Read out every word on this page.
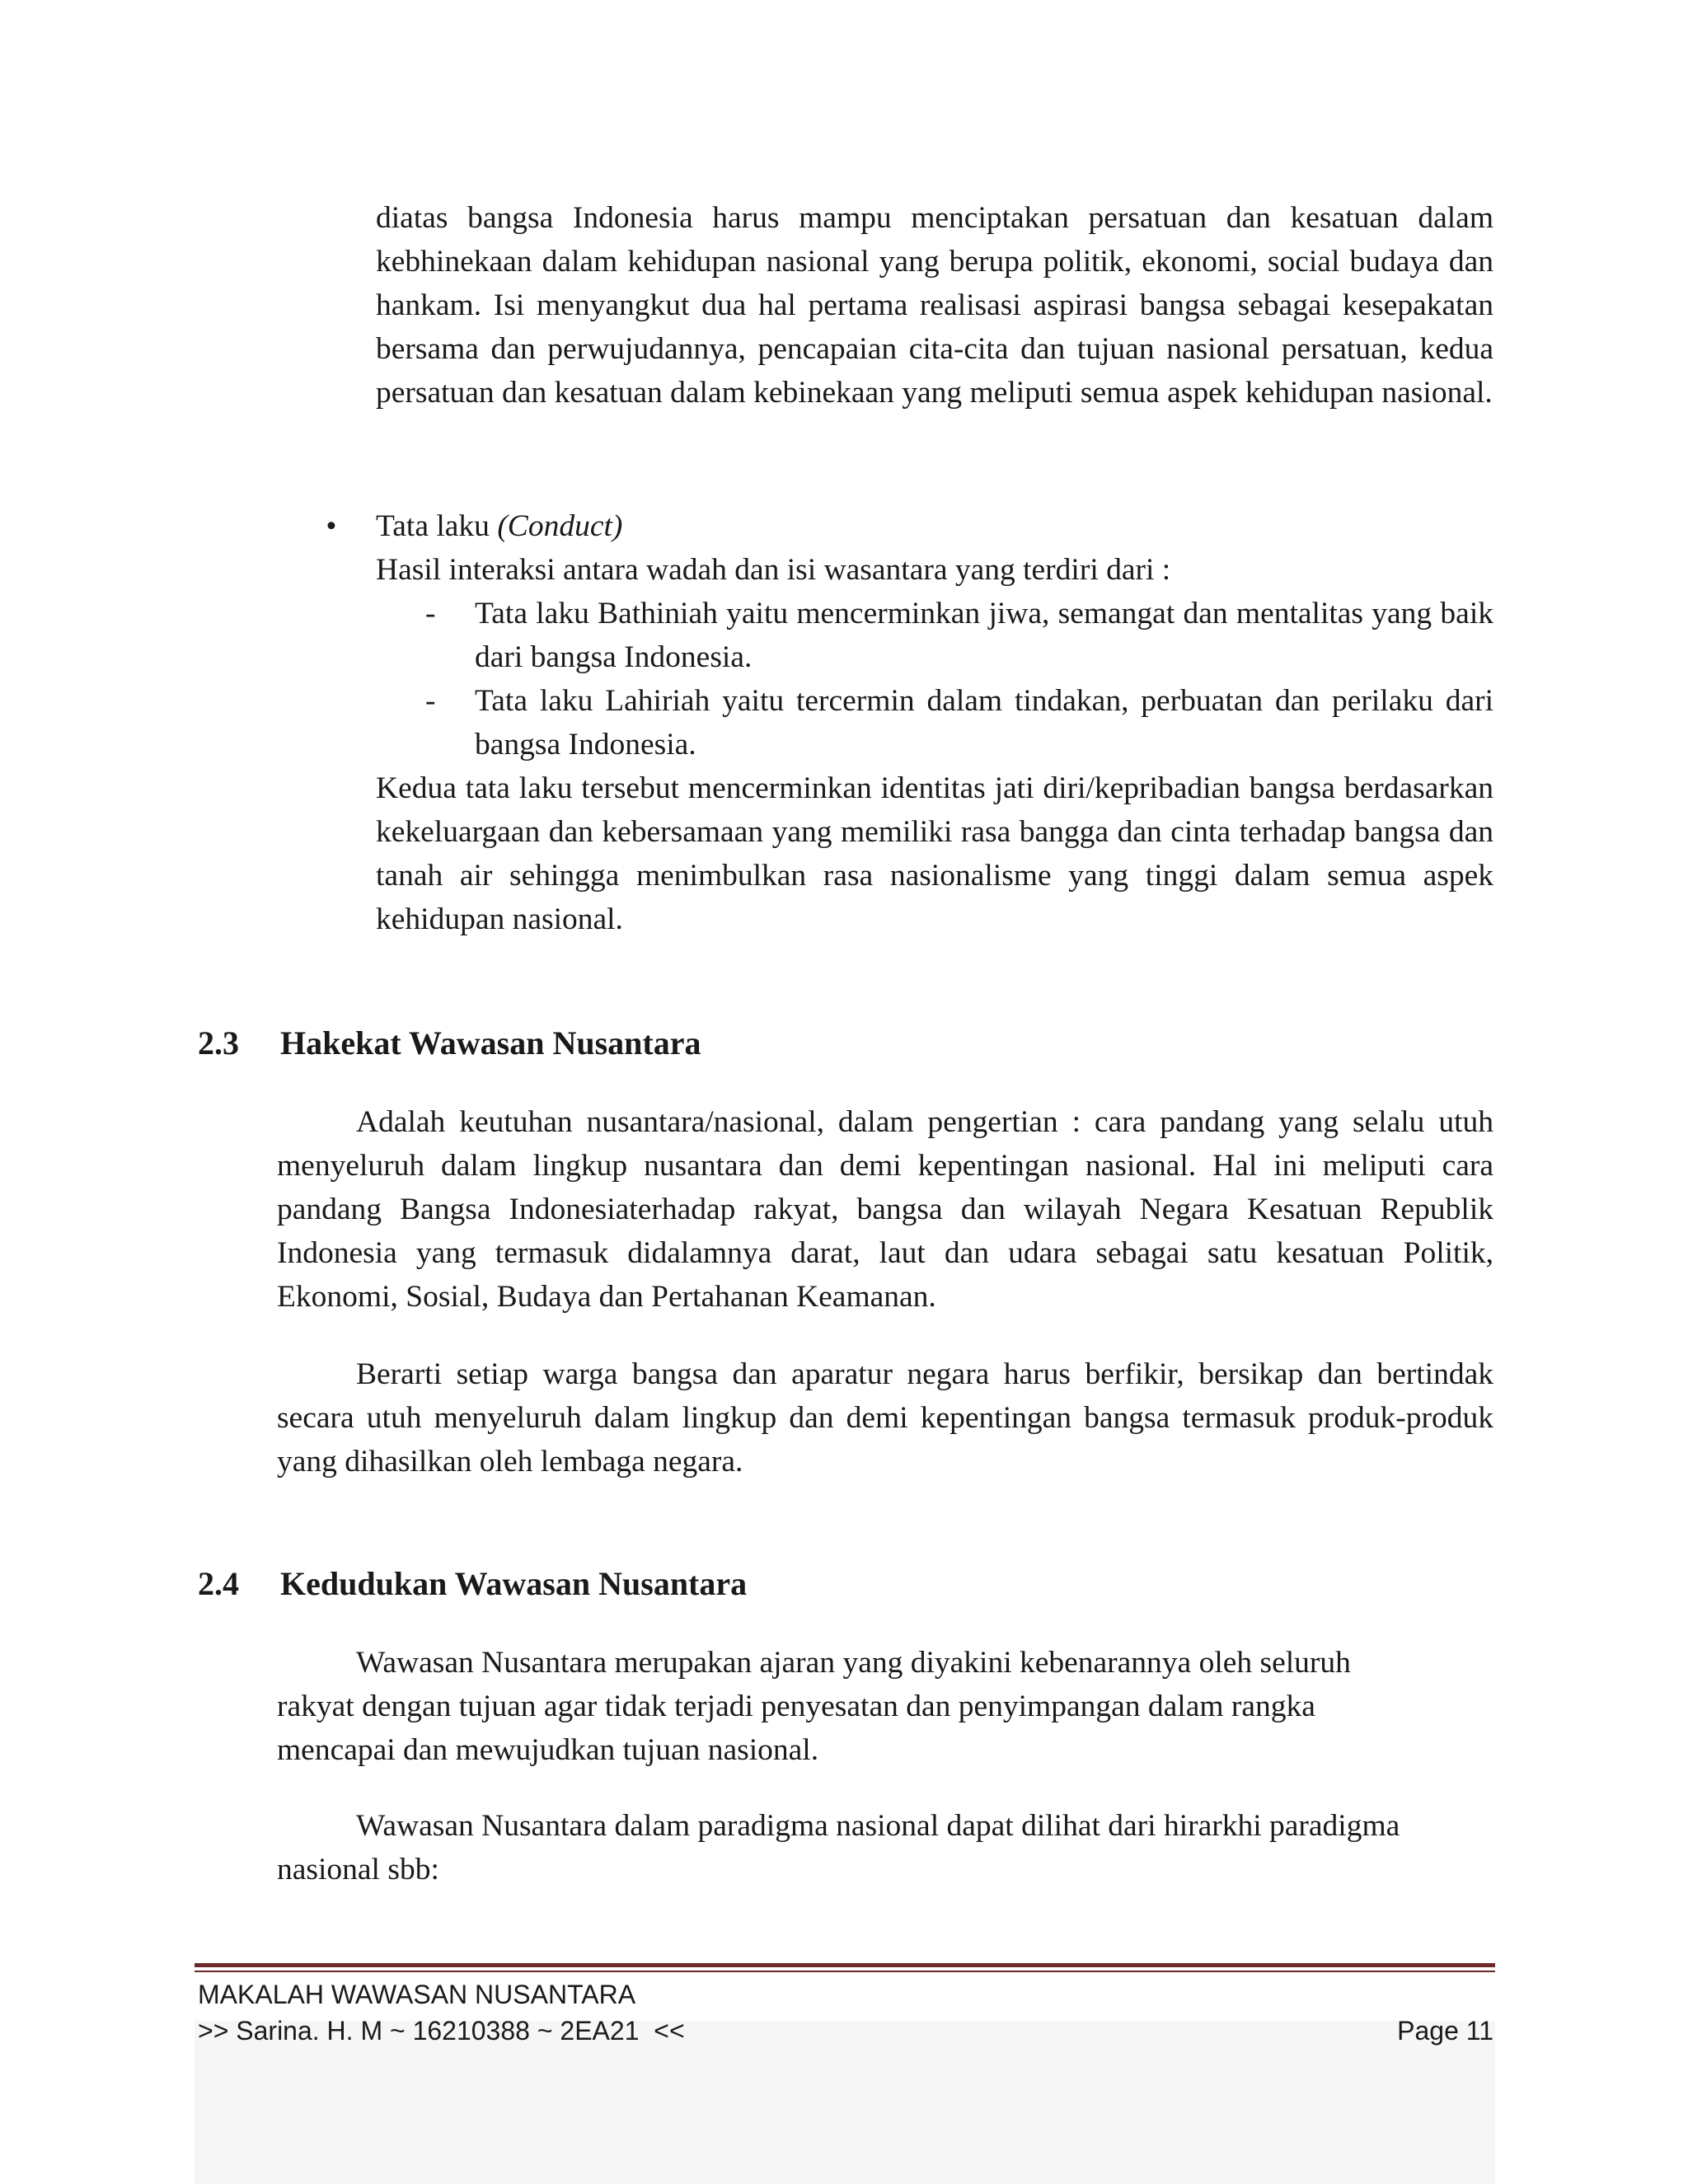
diatas bangsa Indonesia harus mampu menciptakan persatuan dan kesatuan dalam kebhinekaan dalam kehidupan nasional yang berupa politik, ekonomi, social budaya dan hankam. Isi menyangkut dua hal pertama realisasi aspirasi bangsa sebagai kesepakatan bersama dan perwujudannya, pencapaian cita-cita dan tujuan nasional persatuan, kedua persatuan dan kesatuan dalam kebinekaan yang meliputi semua aspek kehidupan nasional.

• Tata laku (Conduct)

Hasil interaksi antara wadah dan isi wasantara yang terdiri dari :

- Tata laku Bathiniah yaitu mencerminkan jiwa, semangat dan mentalitas yang baik dari bangsa Indonesia.

- Tata laku Lahiriah yaitu tercermin dalam tindakan, perbuatan dan perilaku dari bangsa Indonesia.

Kedua tata laku tersebut mencerminkan identitas jati diri/kepribadian bangsa berdasarkan kekeluargaan dan kebersamaan yang memiliki rasa bangga dan cinta terhadap bangsa dan tanah air sehingga menimbulkan rasa nasionalisme yang tinggi dalam semua aspek kehidupan nasional.

2.3 Hakekat Wawasan Nusantara

Adalah keutuhan nusantara/nasional, dalam pengertian : cara pandang yang selalu utuh menyeluruh dalam lingkup nusantara dan demi kepentingan nasional. Hal ini meliputi cara pandang Bangsa Indonesiaterhadap rakyat, bangsa dan wilayah Negara Kesatuan Republik Indonesia yang termasuk didalamnya darat, laut dan udara sebagai satu kesatuan Politik, Ekonomi, Sosial, Budaya dan Pertahanan Keamanan.

Berarti setiap warga bangsa dan aparatur negara harus berfikir, bersikap dan bertindak secara utuh menyeluruh dalam lingkup dan demi kepentingan bangsa termasuk produk-produk yang dihasilkan oleh lembaga negara.

2.4 Kedudukan Wawasan Nusantara

Wawasan Nusantara merupakan ajaran yang diyakini kebenarannya oleh seluruh rakyat dengan tujuan agar tidak terjadi penyesatan dan penyimpangan dalam rangka mencapai dan mewujudkan tujuan nasional.

Wawasan Nusantara dalam paradigma nasional dapat dilihat dari hirarkhi paradigma nasional sbb:

MAKALAH WAWASAN NUSANTARA
>> Sarina. H. M ~ 16210388 ~ 2EA21  <<	Page 11
